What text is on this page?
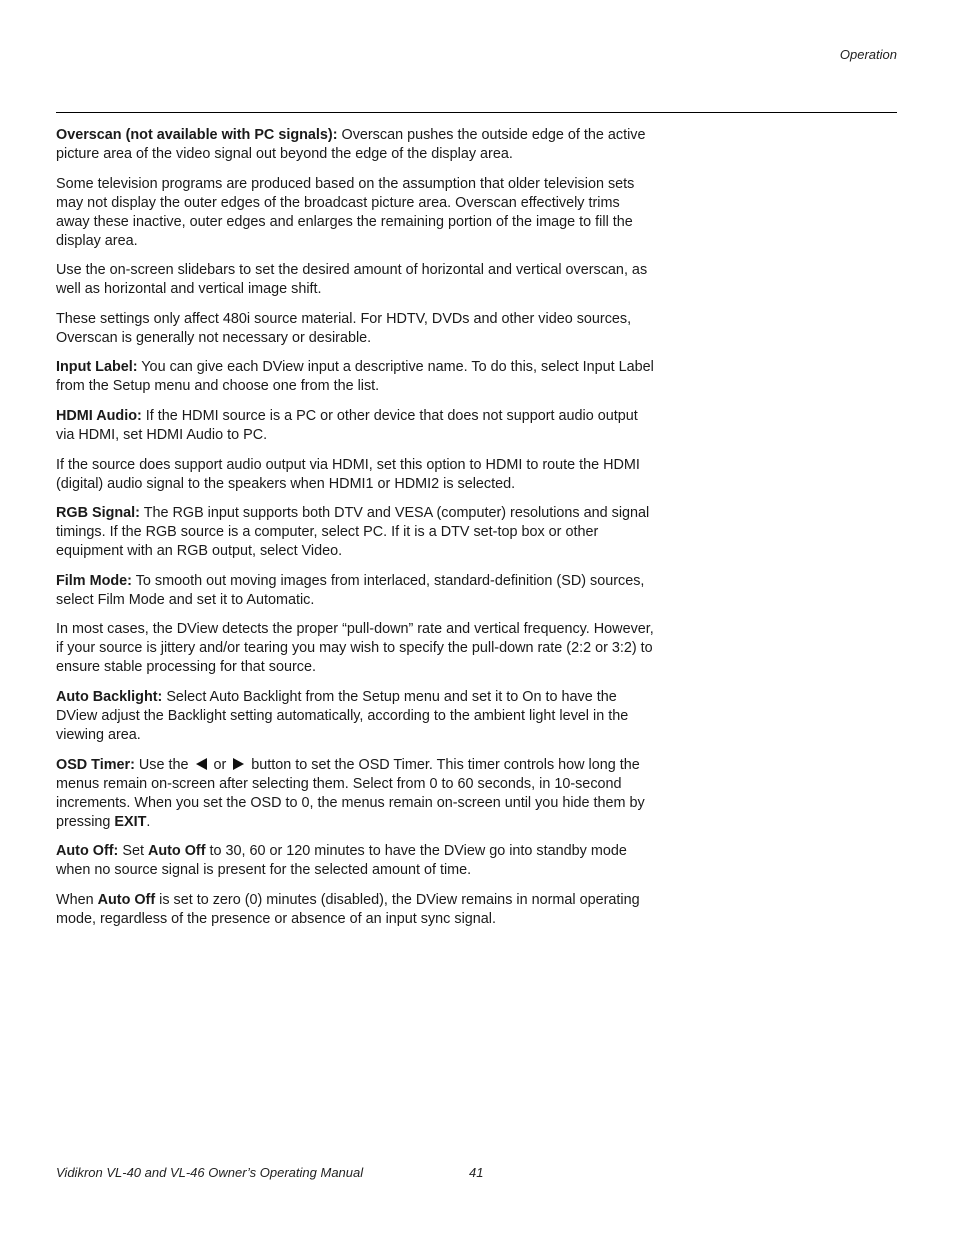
Operation

Overscan (not available with PC signals): Overscan pushes the outside edge of the active picture area of the video signal out beyond the edge of the display area.

Some television programs are produced based on the assumption that older television sets may not display the outer edges of the broadcast picture area. Overscan effectively trims away these inactive, outer edges and enlarges the remaining portion of the image to fill the display area.

Use the on-screen slidebars to set the desired amount of horizontal and vertical overscan, as well as horizontal and vertical image shift.

These settings only affect 480i source material. For HDTV, DVDs and other video sources, Overscan is generally not necessary or desirable.

Input Label: You can give each DView input a descriptive name. To do this, select Input Label from the Setup menu and choose one from the list.

HDMI Audio: If the HDMI source is a PC or other device that does not support audio output via HDMI, set HDMI Audio to PC.

If the source does support audio output via HDMI, set this option to HDMI to route the HDMI (digital) audio signal to the speakers when HDMI1 or HDMI2 is selected.

RGB Signal: The RGB input supports both DTV and VESA (computer) resolutions and signal timings. If the RGB source is a computer, select PC. If it is a DTV set-top box or other equipment with an RGB output, select Video.

Film Mode: To smooth out moving images from interlaced, standard-definition (SD) sources, select Film Mode and set it to Automatic.

In most cases, the DView detects the proper “pull-down” rate and vertical frequency. However, if your source is jittery and/or tearing you may wish to specify the pull-down rate (2:2 or 3:2) to ensure stable processing for that source.

Auto Backlight: Select Auto Backlight from the Setup menu and set it to On to have the DView adjust the Backlight setting automatically, according to the ambient light level in the viewing area.

OSD Timer: Use the  or  button to set the OSD Timer. This timer controls how long the menus remain on-screen after selecting them. Select from 0 to 60 seconds, in 10-second increments. When you set the OSD to 0, the menus remain on-screen until you hide them by pressing EXIT.

Auto Off: Set Auto Off to 30, 60 or 120 minutes to have the DView go into standby mode when no source signal is present for the selected amount of time.

When Auto Off is set to zero (0) minutes (disabled), the DView remains in normal operating mode, regardless of the presence or absence of an input sync signal.

Vidikron VL-40 and VL-46 Owner’s Operating Manual	41
